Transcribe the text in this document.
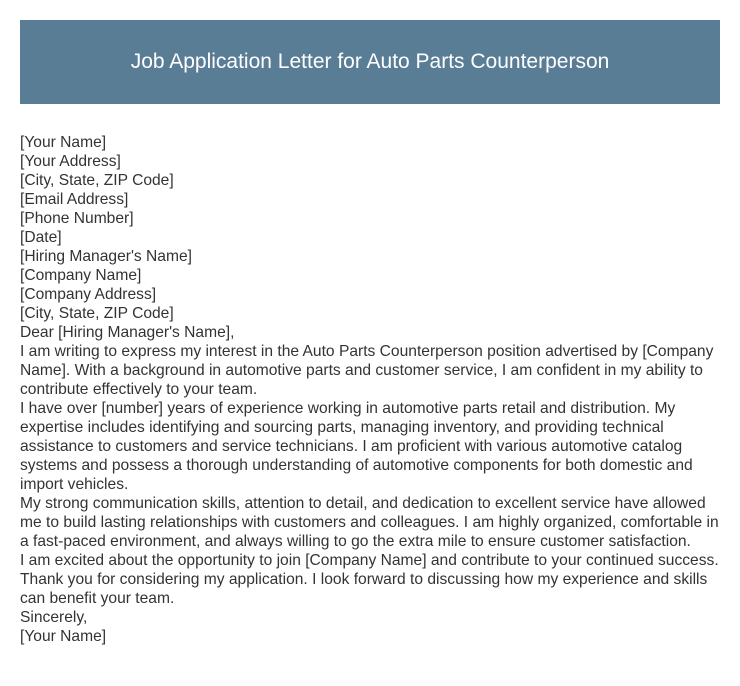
Job Application Letter for Auto Parts Counterperson

[Your Name]

[Your Address]

[City, State, ZIP Code]

[Email Address]

[Phone Number]

[Date]

[Hiring Manager's Name]

[Company Name]

[Company Address]

[City, State, ZIP Code]

Dear [Hiring Manager's Name],

I am writing to express my interest in the Auto Parts Counterperson position advertised by [Company Name]. With a background in automotive parts and customer service, I am confident in my ability to contribute effectively to your team.

I have over [number] years of experience working in automotive parts retail and distribution. My expertise includes identifying and sourcing parts, managing inventory, and providing technical assistance to customers and service technicians. I am proficient with various automotive catalog systems and possess a thorough understanding of automotive components for both domestic and import vehicles.

My strong communication skills, attention to detail, and dedication to excellent service have allowed me to build lasting relationships with customers and colleagues. I am highly organized, comfortable in a fast-paced environment, and always willing to go the extra mile to ensure customer satisfaction.

I am excited about the opportunity to join [Company Name] and contribute to your continued success. Thank you for considering my application. I look forward to discussing how my experience and skills can benefit your team.

Sincerely,

[Your Name]
